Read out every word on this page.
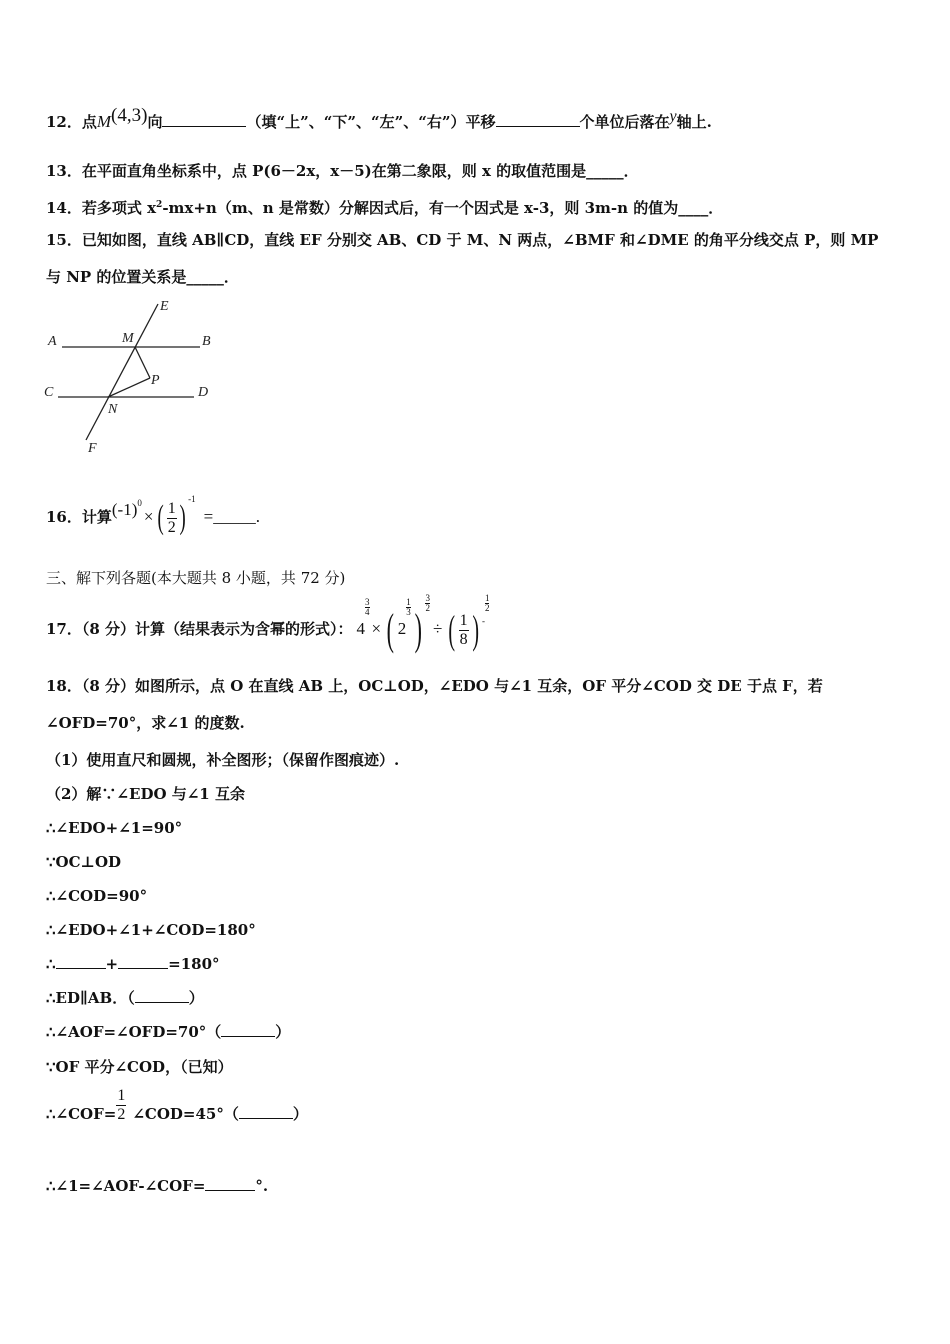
12．点M(4,3)向	（填“上”、“下”、“左”、“右”）平移	个单位后落在y轴上.
13．在平面直角坐标系中，点 P(6－2x，x－5)在第二象限，则 x 的取值范围是_____．
14．若多项式 $x^2-mx+n(m$、n 是常数）分解因式后，有一个因式是 x-3，则 3m-n 的值为____．
15．已知如图，直线 AB∥CD，直线 EF 分别交 AB、CD 于 M、N 两点，∠BMF 和∠DME 的角平分线交点 P，则 MP
与 NP 的位置关系是_____．
A	B
C	D
E
F
M
N
P
16．计算$(-1)^0\times$ ( $\frac{1}{2}$ ) $^{-1}$=_____.
三、解下列各题(本大题共 8 小题，共 72 分)
17．（8 分）计算（结果表示为含幂的形式）： 4
$\frac{3}{4}\times$ ( 2
$\frac{1}{3}$)
$\frac{3}{2}\div$ ( $\frac{1}{8}$ ) -
$\frac{1}{2}$
18．（8 分）如图所示，点 O 在直线 AB 上，OC⊥OD，∠EDO 与∠1 互余，OF 平分∠COD 交 DE 于点 F，若
∠OFD=70°，求∠1 的度数.
（1）使用直尺和圆规，补全图形；（保留作图痕迹）.
（2）解∵∠EDO 与∠1 互余
∴∠EDO+∠1=90°
∵OC⊥OD
∴∠COD=90°
∴∠EDO+∠1+∠COD=180°
∴	+	=180°
∴ED∥AB．（	）
∴∠AOF=∠OFD=70°（	）
∵OF 平分∠COD，（已知）
∴∠COF= $\frac{1}{2}$ ∠COD=45°（	）
∴∠1=∠AOF-∠COF=	°.
